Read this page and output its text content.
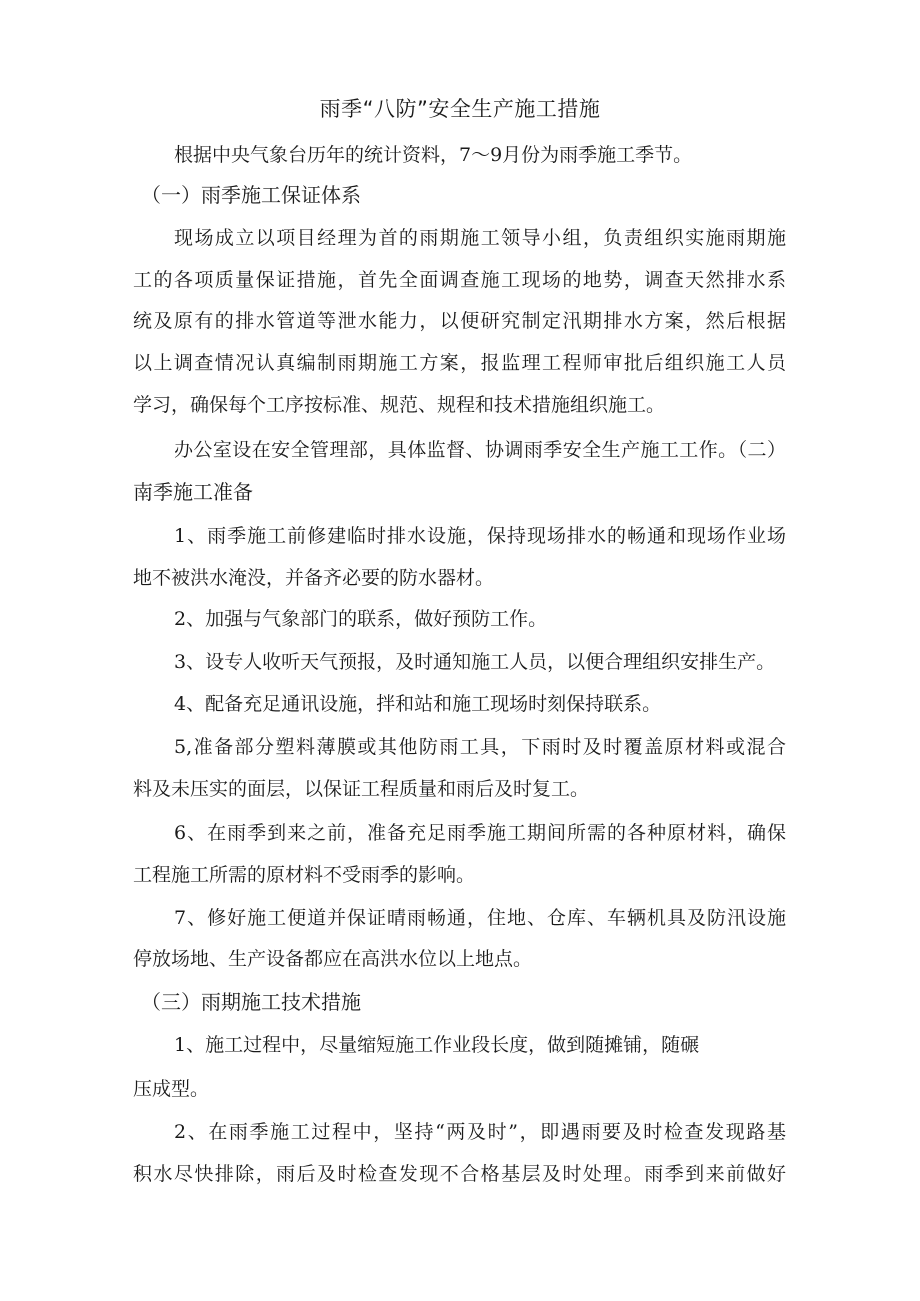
雨季“八防”安全生产施工措施
根据中央气象台历年的统计资料，7～9月份为雨季施工季节。
（一）雨季施工保证体系
现场成立以项目经理为首的雨期施工领导小组，负责组织实施雨期施
工的各项质量保证措施，首先全面调查施工现场的地势，调查天然排水系
统及原有的排水管道等泄水能力，以便研究制定汛期排水方案，然后根据
以上调查情况认真编制雨期施工方案，报监理工程师审批后组织施工人员
学习，确保每个工序按标准、规范、规程和技术措施组织施工。
办公室设在安全管理部，具体监督、协调雨季安全生产施工工作。（二）
南季施工准备
1、雨季施工前修建临时排水设施，保持现场排水的畅通和现场作业场
地不被洪水淹没，并备齐必要的防水器材。
2、加强与气象部门的联系，做好预防工作。
3、设专人收听天气预报，及时通知施工人员，以便合理组织安排生产。
4、配备充足通讯设施，拌和站和施工现场时刻保持联系。
5,准备部分塑料薄膜或其他防雨工具，下雨时及时覆盖原材料或混合
料及未压实的面层，以保证工程质量和雨后及时复工。
6、在雨季到来之前，准备充足雨季施工期间所需的各种原材料，确保
工程施工所需的原材料不受雨季的影响。
7、修好施工便道并保证晴雨畅通，住地、仓库、车辆机具及防汛设施
停放场地、生产设备都应在高洪水位以上地点。
（三）雨期施工技术措施
1、施工过程中，尽量缩短施工作业段长度，做到随摊铺，随碾
压成型。
2、在雨季施工过程中，坚持“两及时”，即遇雨要及时检查发现路基
积水尽快排除，雨后及时检查发现不合格基层及时处理。雨季到来前做好
